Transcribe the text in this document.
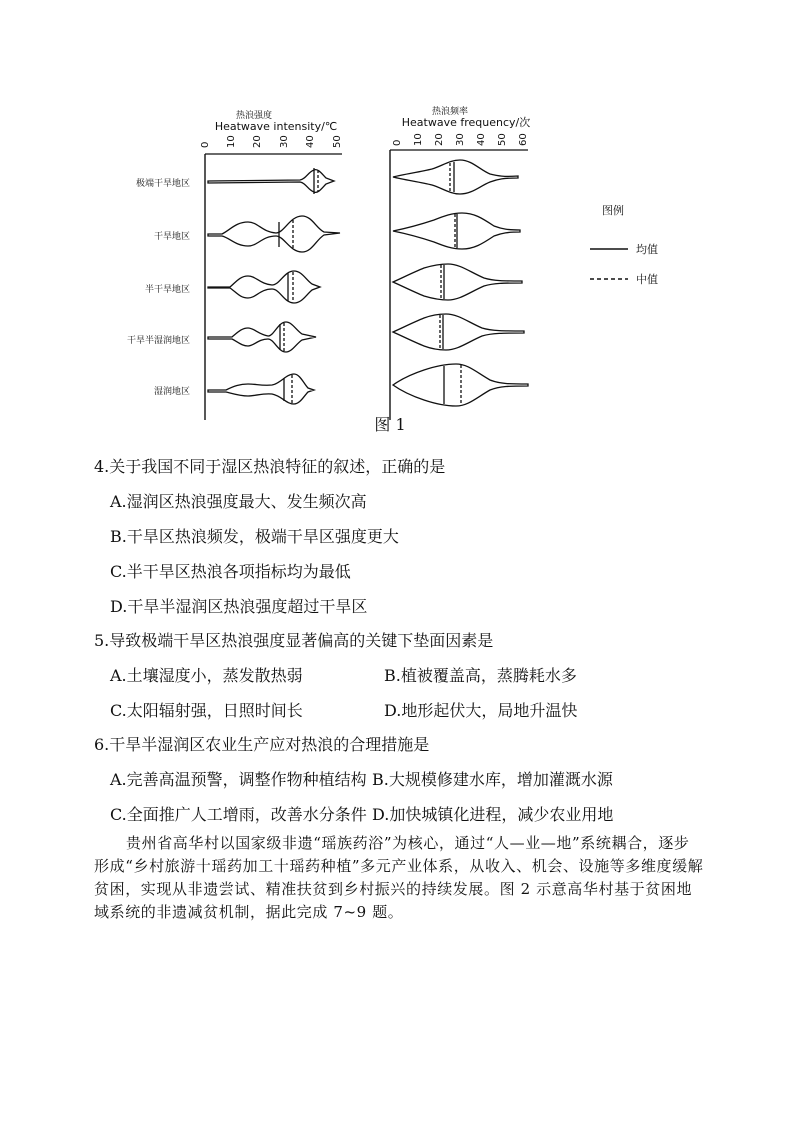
热浪强度
Heatwave intensity/℃
0 10 20 30 40 50
极端干旱地区
干旱地区
半干旱地区
干旱半湿润地区
湿润地区
热浪频率
Heatwave frequency/次
0 10 20 30 40 50 60
图例
均值
中值
图 1
4.关于我国不同于湿区热浪特征的叙述，正确的是
A.湿润区热浪强度最大、发生频次高
B.干旱区热浪频发，极端干旱区强度更大
C.半干旱区热浪各项指标均为最低
D.干旱半湿润区热浪强度超过干旱区
5.导致极端干旱区热浪强度显著偏高的关键下垫面因素是
A.土壤湿度小，蒸发散热弱	B.植被覆盖高，蒸腾耗水多
C.太阳辐射强，日照时间长	D.地形起伏大，局地升温快
6.干旱半湿润区农业生产应对热浪的合理措施是
A.完善高温预警，调整作物种植结构 B.大规模修建水库，增加灌溉水源
C.全面推广人工增雨，改善水分条件 D.加快城镇化进程，减少农业用地
贵州省高华村以国家级非遗“瑶族药浴”为核心，通过“人—业—地”系统耦合，逐步形成“乡村旅游十瑶药加工十瑶药种植”多元产业体系，从收入、机会、设施等多维度缓解贫困，实现从非遗尝试、精准扶贫到乡村振兴的持续发展。图 2 示意高华村基于贫困地域系统的非遗减贫机制，据此完成 7~9 题。
